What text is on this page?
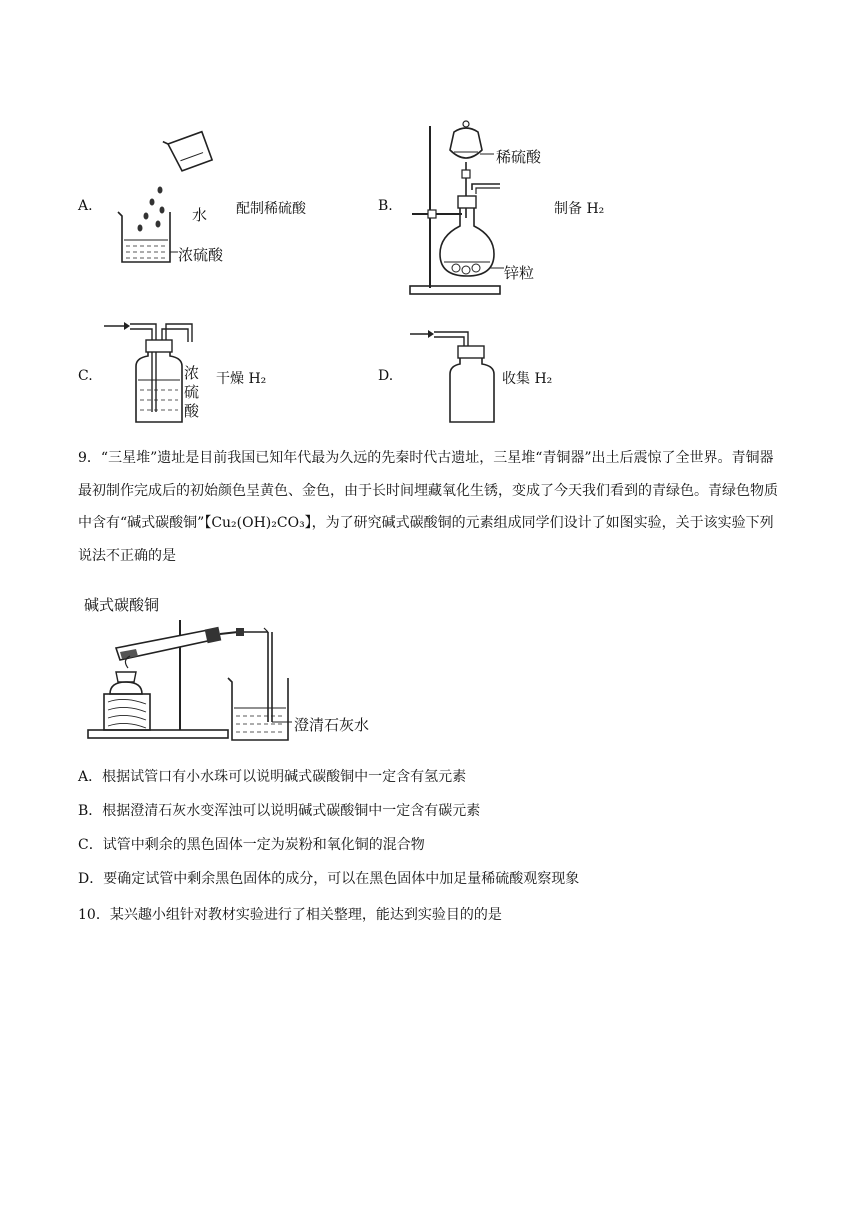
A.	水
浓硫酸
配制稀硫酸	B.
稀硫酸
锌粒
制备 H₂
C.	浓硫酸
干燥 H₂	D.	收集 H₂
9．“三星堆”遗址是目前我国已知年代最为久远的先秦时代古遗址，三星堆“青铜器”出土后震惊了全世界。青铜器最初制作完成后的初始颜色呈黄色、金色，由于长时间埋藏氧化生锈，变成了今天我们看到的青绿色。青绿色物质中含有“碱式碳酸铜”【Cu₂(OH)₂CO₃】，为了研究碱式碳酸铜的元素组成同学们设计了如图实验，关于该实验下列说法不正确的是
碱式碳酸铜
澄清石灰水
A．根据试管口有小水珠可以说明碱式碳酸铜中一定含有氢元素
B．根据澄清石灰水变浑浊可以说明碱式碳酸铜中一定含有碳元素
C．试管中剩余的黑色固体一定为炭粉和氧化铜的混合物
D．要确定试管中剩余黑色固体的成分，可以在黑色固体中加足量稀硫酸观察现象
10．某兴趣小组针对教材实验进行了相关整理，能达到实验目的的是
